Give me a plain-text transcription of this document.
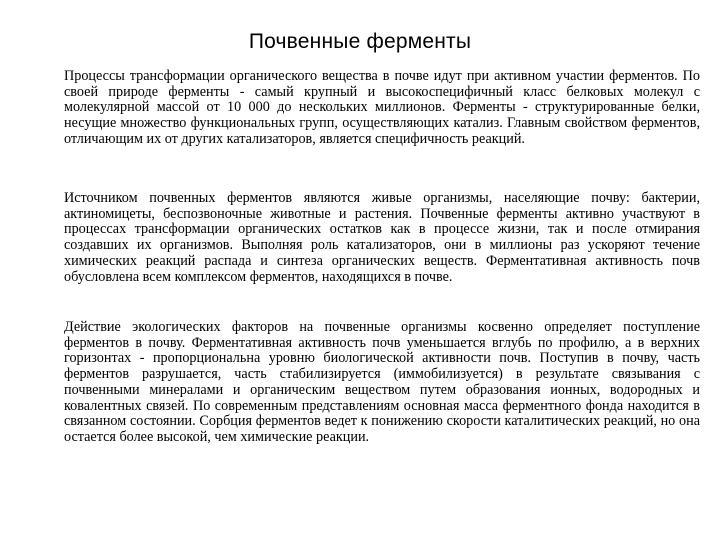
Почвенные ферменты

Процессы трансформации органического вещества в почве идут при активном участии ферментов. По своей природе ферменты - самый крупный и высокоспецифичный класс белковых молекул с молекулярной массой от 10 000 до нескольких миллионов. Ферменты - структурированные белки, несущие множество функциональных групп, осуществляющих катализ. Главным свойством ферментов, отличающим их от других катализаторов, является специфичность реакций.

Источником почвенных ферментов являются живые организмы, населяющие почву: бактерии, актиномицеты, беспозвоночные животные и растения. Почвенные ферменты активно участвуют в процессах трансформации органических остатков как в процессе жизни, так и после отмирания создавших их организмов. Выполняя роль катализаторов, они в миллионы раз ускоряют течение химических реакций распада и синтеза органических веществ. Ферментативная активность почв обусловлена всем комплексом ферментов, находящихся в почве.

Действие экологических факторов на почвенные организмы косвенно определяет поступление ферментов в почву. Ферментативная активность почв уменьшается вглубь по профилю, а в верхних горизонтах - пропорциональна уровню биологической активности почв. Поступив в почву, часть ферментов разрушается, часть стабилизируется (иммобилизуется) в результате связывания с почвенными минералами и органическим веществом путем образования ионных, водородных и ковалентных связей. По современным представлениям основная масса ферментного фонда находится в связанном состоянии. Сорбция ферментов ведет к понижению скорости каталитических реакций, но она остается более высокой, чем химические реакции.
